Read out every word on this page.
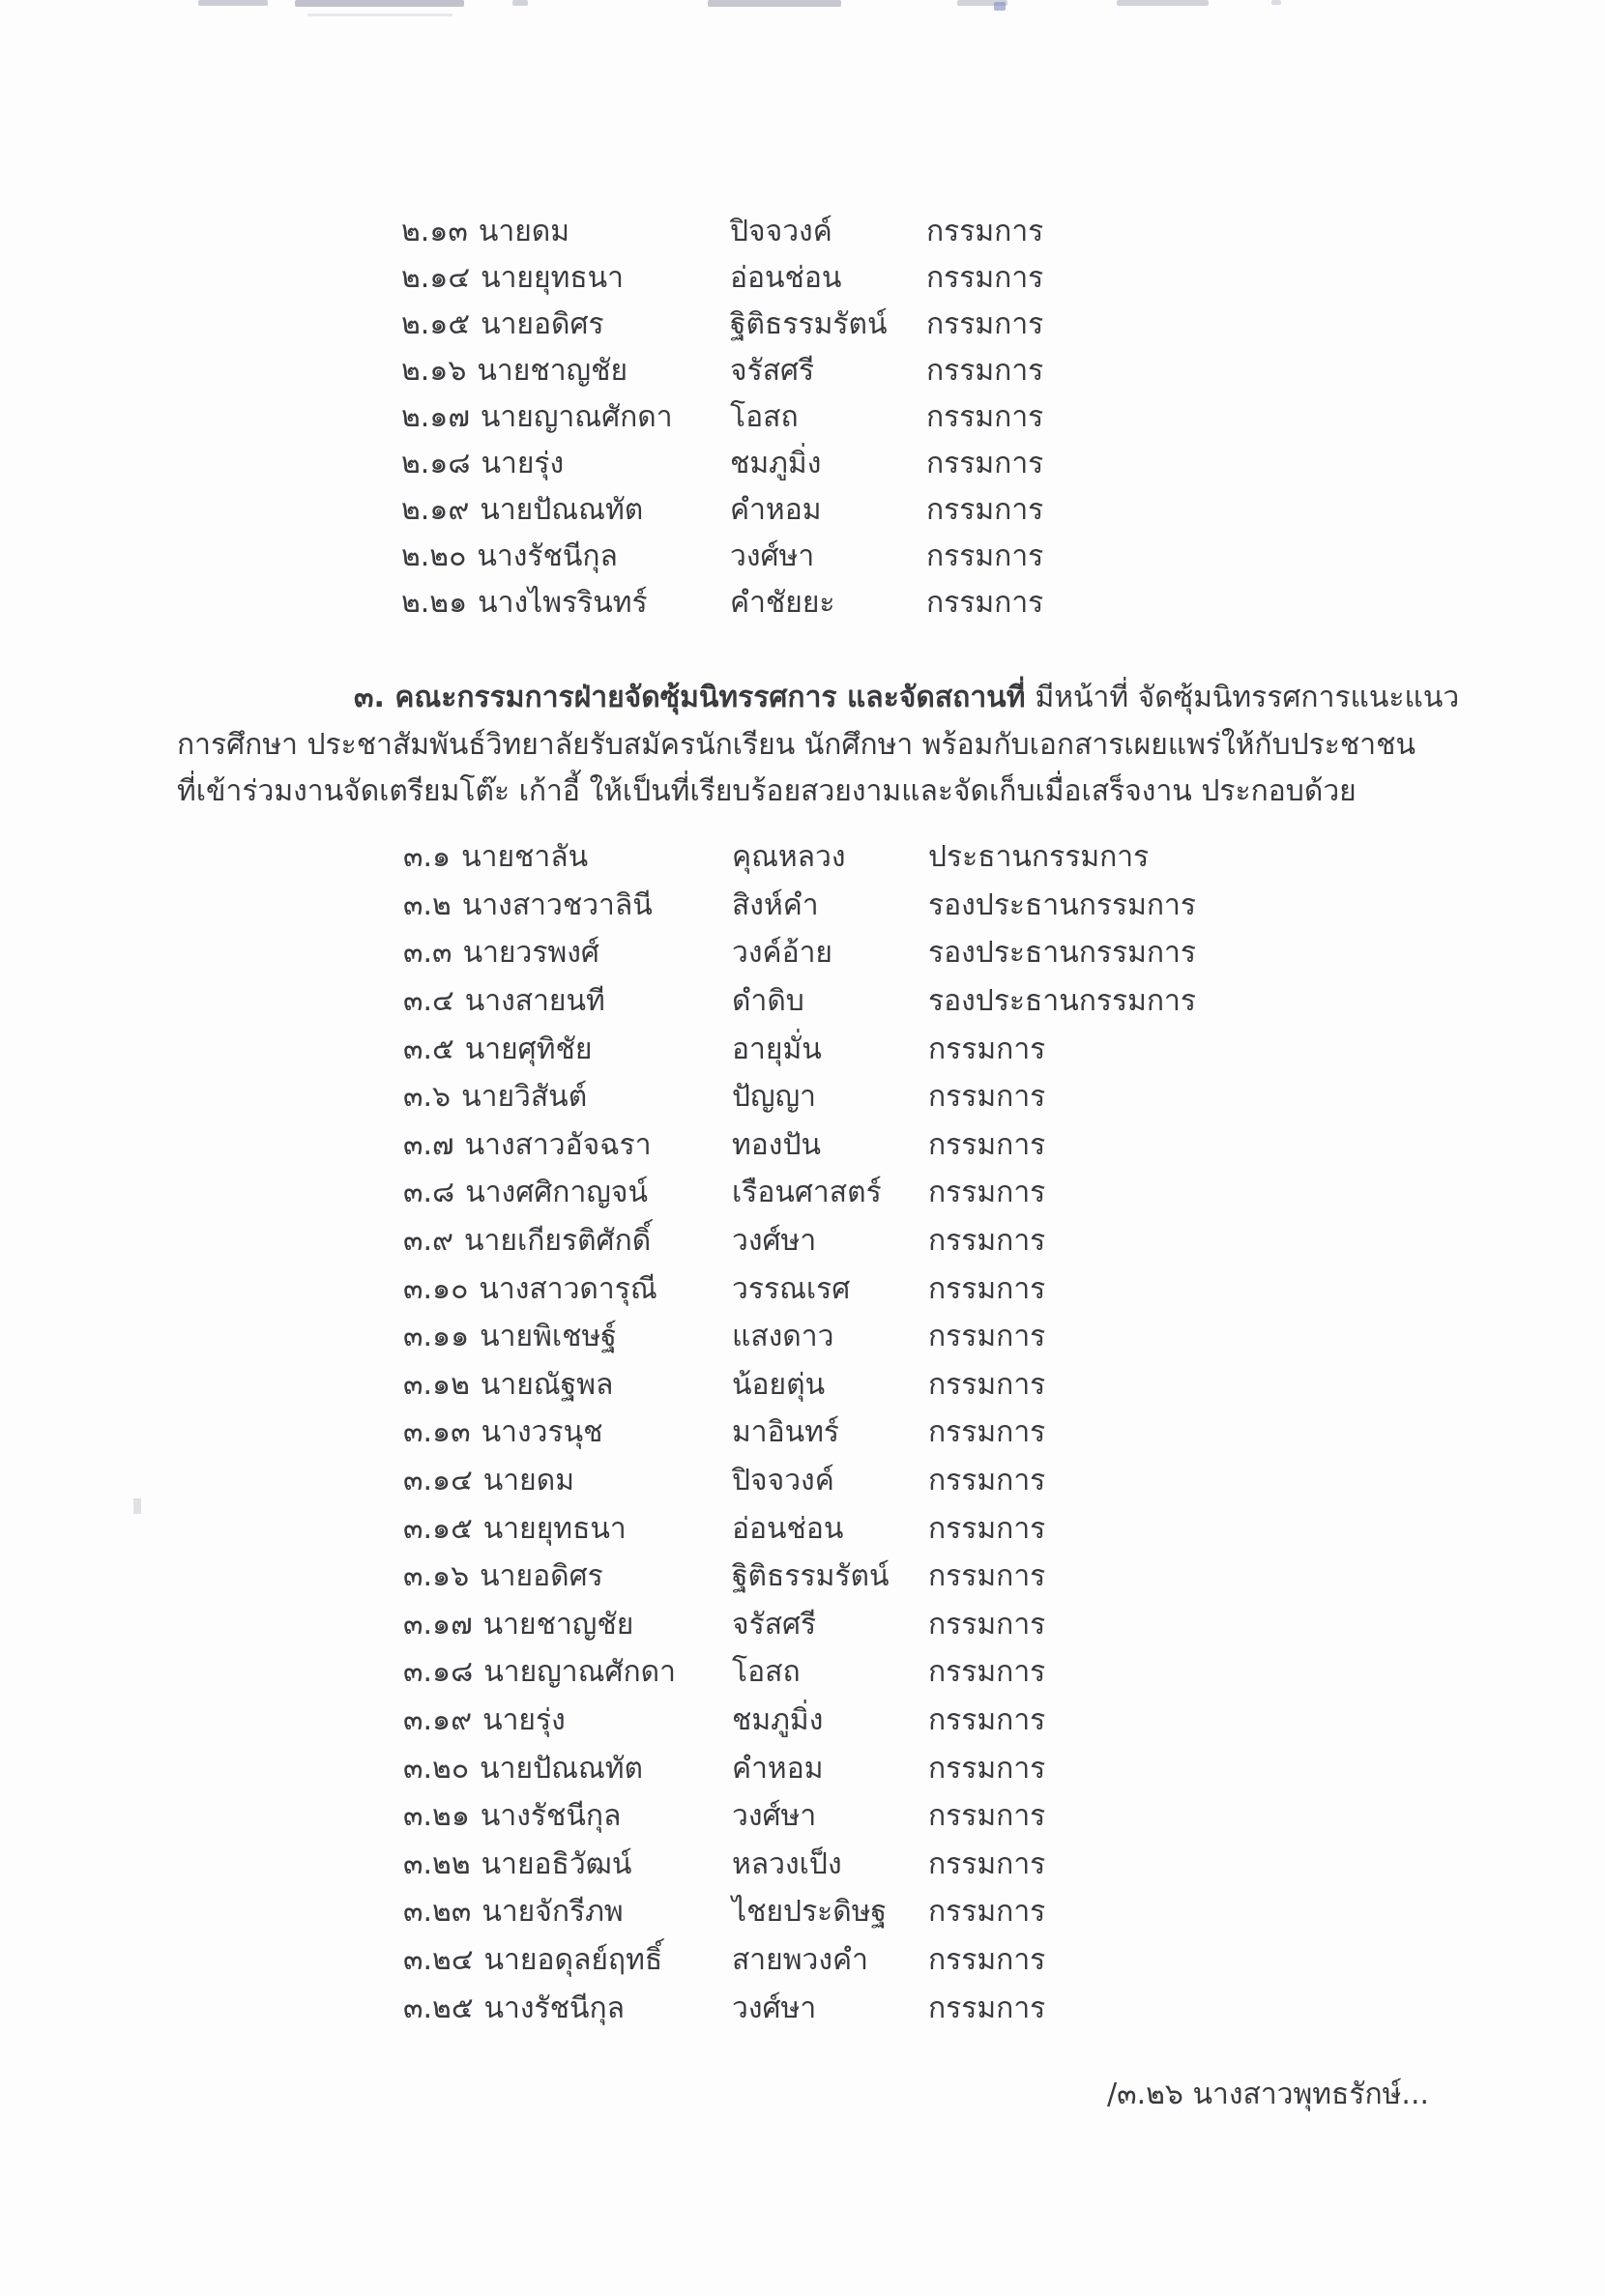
๒.๑๓ นายดม	ปิจจวงค์	กรรมการ
๒.๑๔ นายยุทธนา	อ่อนช่อน	กรรมการ
๒.๑๕ นายอดิศร	ฐิติธรรมรัตน์	กรรมการ
๒.๑๖ นายชาญชัย	จรัสศรี	กรรมการ
๒.๑๗ นายญาณศักดา	โอสถ	กรรมการ
๒.๑๘ นายรุ่ง	ชมภูมิ่ง	กรรมการ
๒.๑๙ นายปัณณทัต	คำหอม	กรรมการ
๒.๒๐ นางรัชนีกุล	วงศ์ษา	กรรมการ
๒.๒๑ นางไพรรินทร์	คำชัยยะ	กรรมการ
๓. คณะกรรมการฝ่ายจัดซุ้มนิทรรศการ และจัดสถานที่ มีหน้าที่ จัดซุ้มนิทรรศการแนะแนว
การศึกษา ประชาสัมพันธ์วิทยาลัยรับสมัครนักเรียน นักศึกษา พร้อมกับเอกสารเผยแพร่ให้กับประชาชน
ที่เข้าร่วมงานจัดเตรียมโต๊ะ เก้าอี้ ให้เป็นที่เรียบร้อยสวยงามและจัดเก็บเมื่อเสร็จงาน ประกอบด้วย
๓.๑ นายชาลัน	คุณหลวง	ประธานกรรมการ
๓.๒ นางสาวชวาลินี	สิงห์คำ	รองประธานกรรมการ
๓.๓ นายวรพงศ์	วงค์อ้าย	รองประธานกรรมการ
๓.๔ นางสายนที	ดำดิบ	รองประธานกรรมการ
๓.๕ นายศุทิชัย	อายุมั่น	กรรมการ
๓.๖ นายวิสันต์	ปัญญา	กรรมการ
๓.๗ นางสาวอัจฉรา	ทองปัน	กรรมการ
๓.๘ นางศศิกาญจน์	เรือนศาสตร์	กรรมการ
๓.๙ นายเกียรติศักดิ์	วงศ์ษา	กรรมการ
๓.๑๐ นางสาวดารุณี	วรรณเรศ	กรรมการ
๓.๑๑ นายพิเชษฐ์	แสงดาว	กรรมการ
๓.๑๒ นายณัฐพล	น้อยตุ่น	กรรมการ
๓.๑๓ นางวรนุช	มาอินทร์	กรรมการ
๓.๑๔ นายดม	ปิจจวงค์	กรรมการ
๓.๑๕ นายยุทธนา	อ่อนช่อน	กรรมการ
๓.๑๖ นายอดิศร	ฐิติธรรมรัตน์	กรรมการ
๓.๑๗ นายชาญชัย	จรัสศรี	กรรมการ
๓.๑๘ นายญาณศักดา	โอสถ	กรรมการ
๓.๑๙ นายรุ่ง	ชมภูมิ่ง	กรรมการ
๓.๒๐ นายปัณณทัต	คำหอม	กรรมการ
๓.๒๑ นางรัชนีกุล	วงศ์ษา	กรรมการ
๓.๒๒ นายอธิวัฒน์	หลวงเป็ง	กรรมการ
๓.๒๓ นายจักรีภพ	ไชยประดิษฐ	กรรมการ
๓.๒๔ นายอดุลย์ฤทธิ์	สายพวงคำ	กรรมการ
๓.๒๕ นางรัชนีกุล	วงศ์ษา	กรรมการ
/๓.๒๖ นางสาวพุทธรักษ์...
